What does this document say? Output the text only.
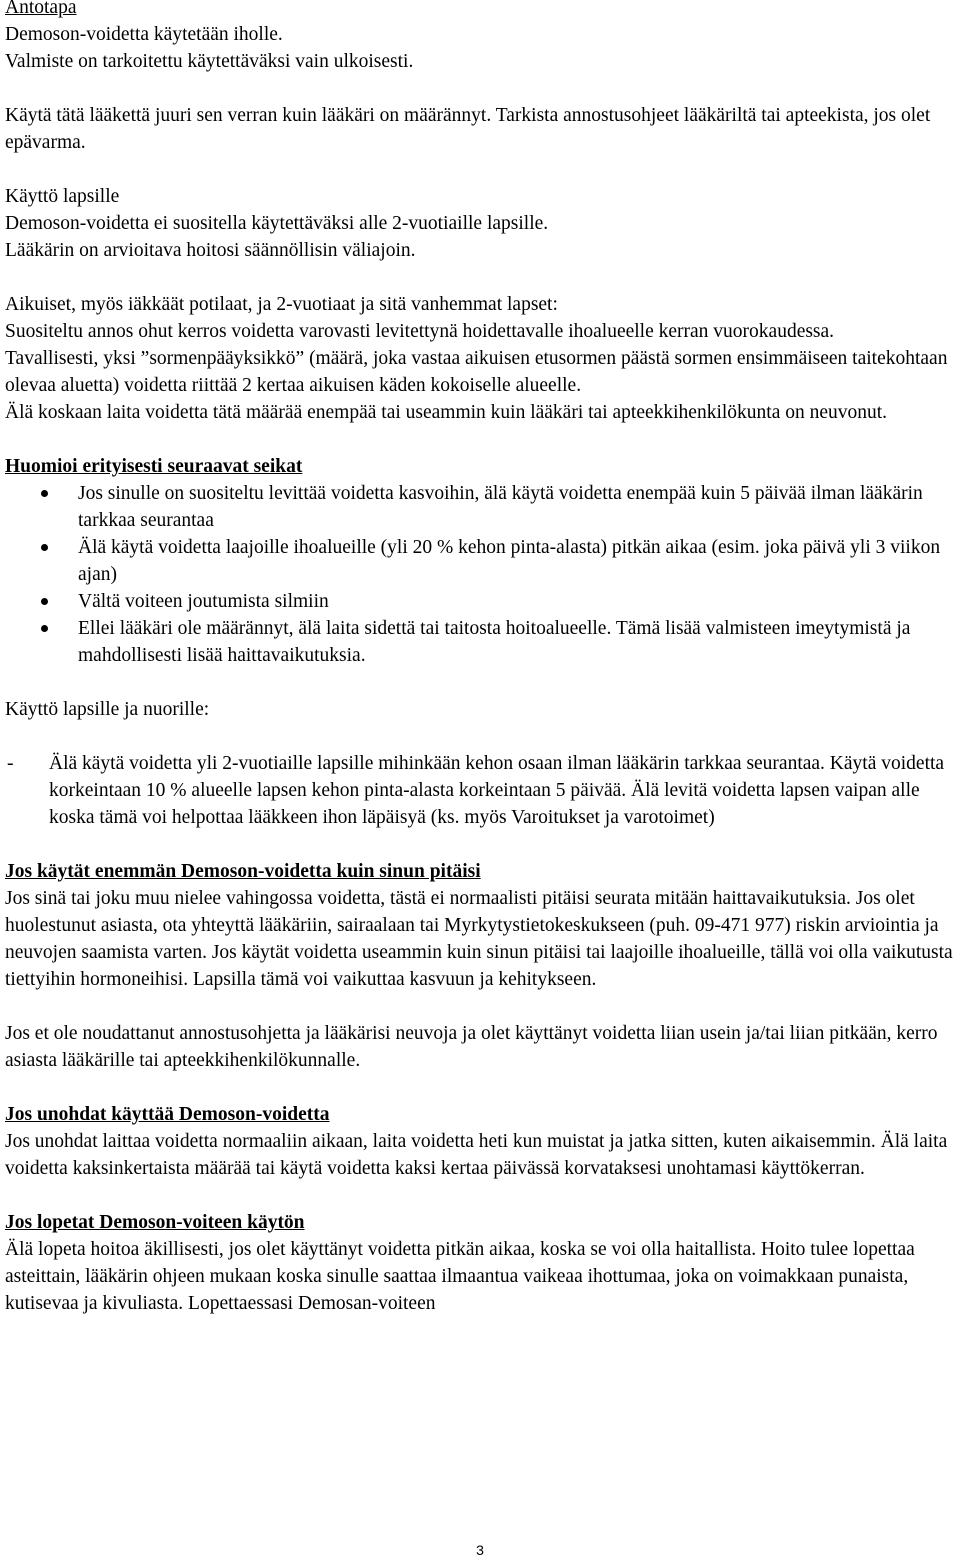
Antotapa

Demoson-voidetta käytetään iholle.

Valmiste on tarkoitettu käytettäväksi vain ulkoisesti.

Käytä tätä lääkettä juuri sen verran kuin lääkäri on määrännyt. Tarkista annostusohjeet lääkäriltä tai apteekista, jos olet epävarma.

Käyttö lapsille

Demoson-voidetta ei suositella käytettäväksi alle 2-vuotiaille lapsille.

Lääkärin on arvioitava hoitosi säännöllisin väliajoin.

Aikuiset, myös iäkkäät potilaat, ja 2-vuotiaat ja sitä vanhemmat lapset:

Suositeltu annos ohut kerros voidetta varovasti levitettynä hoidettavalle ihoalueelle kerran vuorokaudessa.

Tavallisesti, yksi ”sormenpääyksikkö” (määrä, joka vastaa aikuisen etusormen päästä sormen ensimmäiseen taitekohtaan olevaa aluetta) voidetta riittää 2 kertaa aikuisen käden kokoiselle alueelle.

Älä koskaan laita voidetta tätä määrää enempää tai useammin kuin lääkäri tai apteekkihenkilökunta on neuvonut.

Huomioi erityisesti seuraavat seikat

Jos sinulle on suositeltu levittää voidetta kasvoihin, älä käytä voidetta enempää kuin 5 päivää ilman lääkärin tarkkaa seurantaa
Älä käytä voidetta laajoille ihoalueille (yli 20 % kehon pinta-alasta) pitkän aikaa (esim. joka päivä yli 3 viikon ajan)
Vältä voiteen joutumista silmiin
Ellei lääkäri ole määrännyt, älä laita sidettä tai taitosta hoitoalueelle. Tämä lisää valmisteen imeytymistä ja mahdollisesti lisää haittavaikutuksia.

Käyttö lapsille ja nuorille:

- Älä käytä voidetta yli 2-vuotiaille lapsille mihinkään kehon osaan ilman lääkärin tarkkaa seurantaa. Käytä voidetta korkeintaan 10 % alueelle lapsen kehon pinta-alasta korkeintaan 5 päivää. Älä levitä voidetta lapsen vaipan alle koska tämä voi helpottaa lääkkeen ihon läpäisyä (ks. myös Varoitukset ja varotoimet)

Jos käytät enemmän Demoson-voidetta kuin sinun pitäisi

Jos sinä tai joku muu nielee vahingossa voidetta, tästä ei normaalisti pitäisi seurata mitään haittavaikutuksia. Jos olet huolestunut asiasta, ota yhteyttä lääkäriin, sairaalaan tai Myrkytystietokeskukseen (puh. 09-471 977) riskin arviointia ja neuvojen saamista varten. Jos käytät voidetta useammin kuin sinun pitäisi tai laajoille ihoalueille, tällä voi olla vaikutusta tiettyihin hormoneihisi. Lapsilla tämä voi vaikuttaa kasvuun ja kehitykseen.

Jos et ole noudattanut annostusohjetta ja lääkärisi neuvoja ja olet käyttänyt voidetta liian usein ja/tai liian pitkään, kerro asiasta lääkärille tai apteekkihenkilökunnalle.

Jos unohdat käyttää Demoson-voidetta

Jos unohdat laittaa voidetta normaaliin aikaan, laita voidetta heti kun muistat ja jatka sitten, kuten aikaisemmin. Älä laita voidetta kaksinkertaista määrää tai käytä voidetta kaksi kertaa päivässä korvataksesi unohtamasi käyttökerran.

Jos lopetat Demoson-voiteen käytön

Älä lopeta hoitoa äkillisesti, jos olet käyttänyt voidetta pitkän aikaa, koska se voi olla haitallista. Hoito tulee lopettaa asteittain, lääkärin ohjeen mukaan koska sinulle saattaa ilmaantua vaikeaa ihottumaa, joka on voimakkaan punaista, kutisevaa ja kivuliasta. Lopettaessasi Demosan-voiteen

3
